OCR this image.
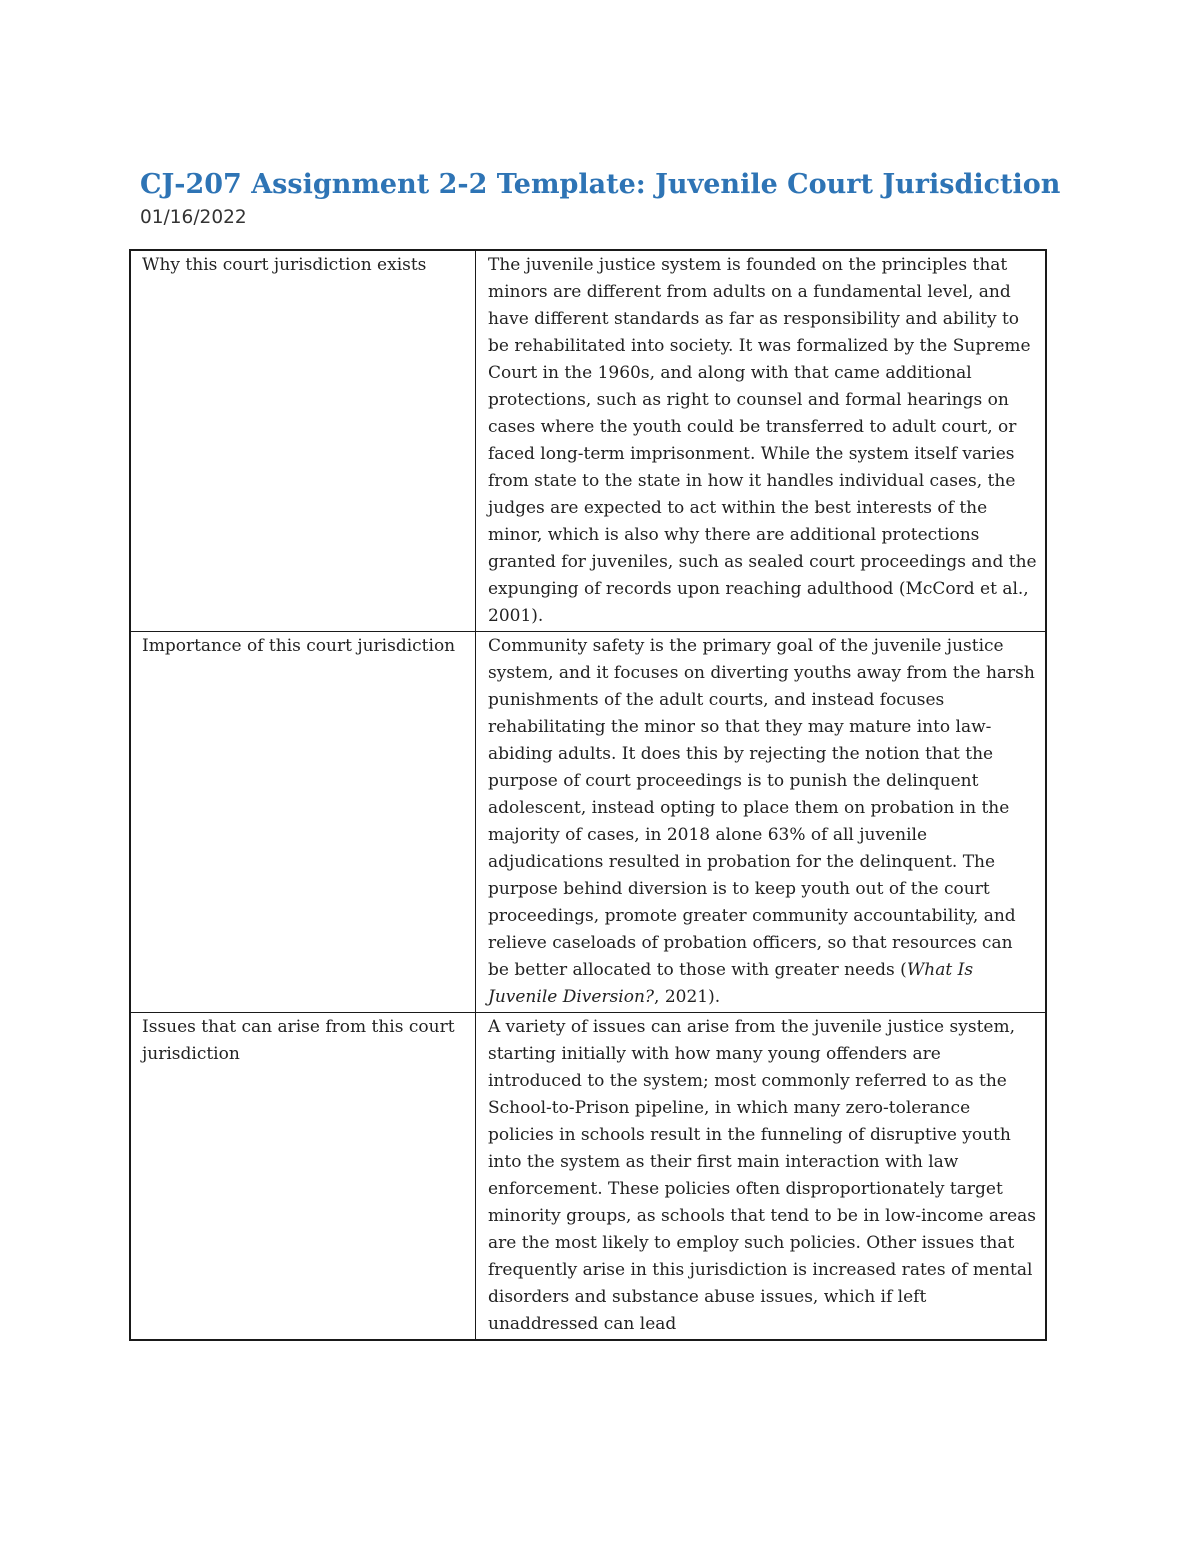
CJ-207 Assignment 2-2 Template: Juvenile Court Jurisdiction

01/16/2022

Why this court jurisdiction exists	The juvenile justice system is founded on the principles that minors are different from adults on a fundamental level, and have different standards as far as responsibility and ability to be rehabilitated into society. It was formalized by the Supreme Court in the 1960s, and along with that came additional protections, such as right to counsel and formal hearings on cases where the youth could be transferred to adult court, or faced long-term imprisonment. While the system itself varies from state to the state in how it handles individual cases, the judges are expected to act within the best interests of the minor, which is also why there are additional protections granted for juveniles, such as sealed court proceedings and the expunging of records upon reaching adulthood (McCord et al., 2001).
Importance of this court jurisdiction	Community safety is the primary goal of the juvenile justice system, and it focuses on diverting youths away from the harsh punishments of the adult courts, and instead focuses rehabilitating the minor so that they may mature into law-abiding adults. It does this by rejecting the notion that the purpose of court proceedings is to punish the delinquent adolescent, instead opting to place them on probation in the majority of cases, in 2018 alone 63% of all juvenile adjudications resulted in probation for the delinquent. The purpose behind diversion is to keep youth out of the court proceedings, promote greater community accountability, and relieve caseloads of probation officers, so that resources can be better allocated to those with greater needs (What Is Juvenile Diversion?, 2021).
Issues that can arise from this court jurisdiction	A variety of issues can arise from the juvenile justice system, starting initially with how many young offenders are introduced to the system; most commonly referred to as the School-to-Prison pipeline, in which many zero-tolerance policies in schools result in the funneling of disruptive youth into the system as their first main interaction with law enforcement. These policies often disproportionately target minority groups, as schools that tend to be in low-income areas are the most likely to employ such policies. Other issues that frequently arise in this jurisdiction is increased rates of mental disorders and substance abuse issues, which if left unaddressed can lead
